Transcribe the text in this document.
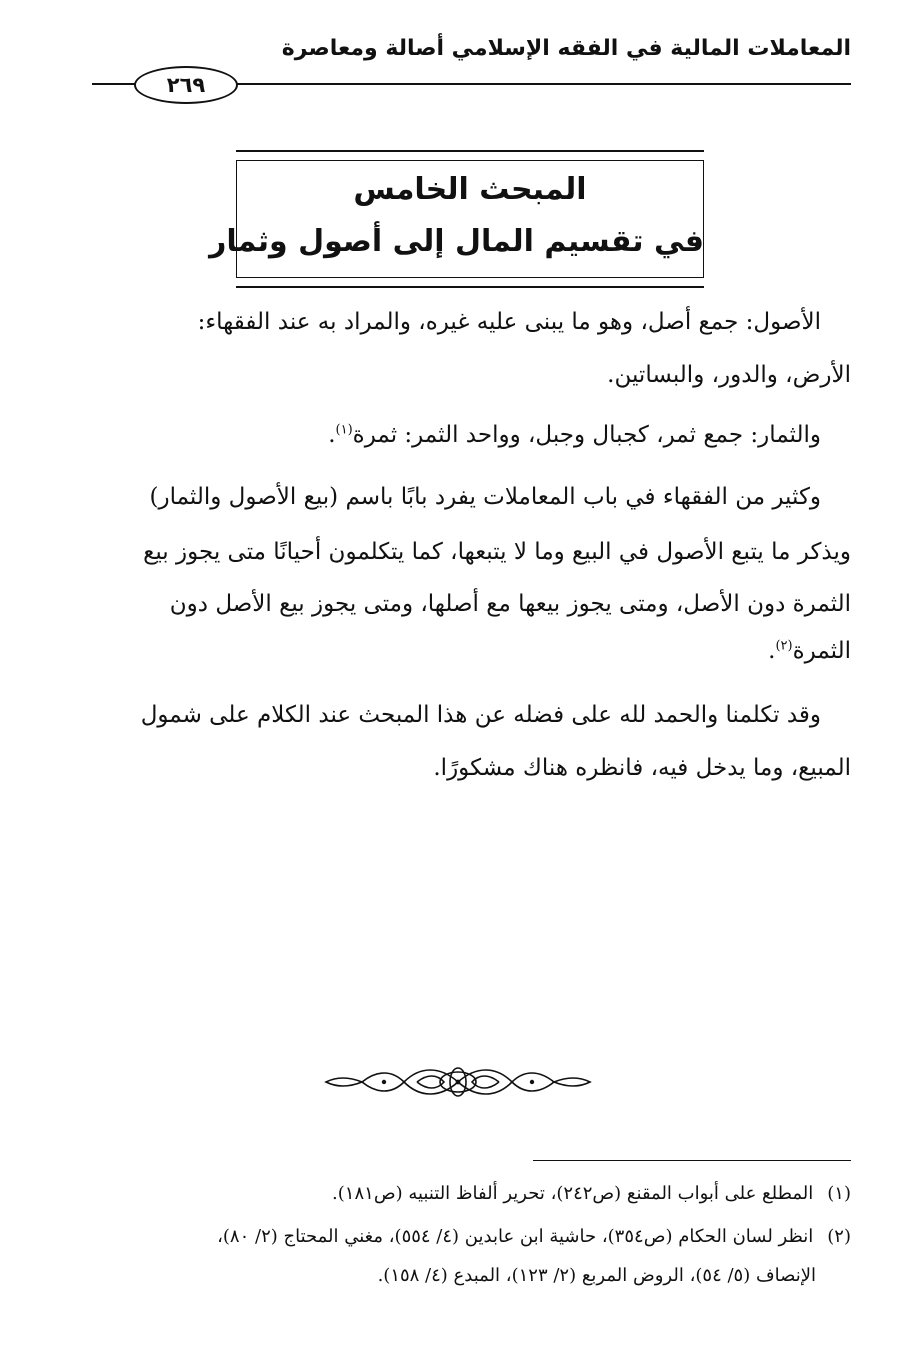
المعاملات المالية في الفقه الإسلامي أصالة ومعاصرة
٢٦٩
المبحث الخامس
في تقسيم المال إلى أصول وثمار
الأصول: جمع أصل، وهو ما يبنى عليه غيره، والمراد به عند الفقهاء:
الأرض، والدور، والبساتين.
والثمار: جمع ثمر، كجبال وجبل، وواحد الثمر: ثمرة$^{(١)}$.
وكثير من الفقهاء في باب المعاملات يفرد بابًا باسم (بيع الأصول والثمار)
ويذكر ما يتبع الأصول في البيع وما لا يتبعها، كما يتكلمون أحيانًا متى يجوز بيع
الثمرة دون الأصل، ومتى يجوز بيعها مع أصلها، ومتى يجوز بيع الأصل دون
الثمرة$^{(٢)}$.
وقد تكلمنا والحمد لله على فضله عن هذا المبحث عند الكلام على شمول
المبيع، وما يدخل فيه، فانظره هناك مشكورًا.
(١)المطلع على أبواب المقنع (ص٢٤٢)، تحرير ألفاظ التنبيه (ص١٨١).
(٢)انظر لسان الحكام (ص٣٥٤)، حاشية ابن عابدين (٤/ ٥٥٤)، مغني المحتاج (٢/ ٨٠)،
الإنصاف (٥/ ٥٤)، الروض المربع (٢/ ١٢٣)، المبدع (٤/ ١٥٨).
